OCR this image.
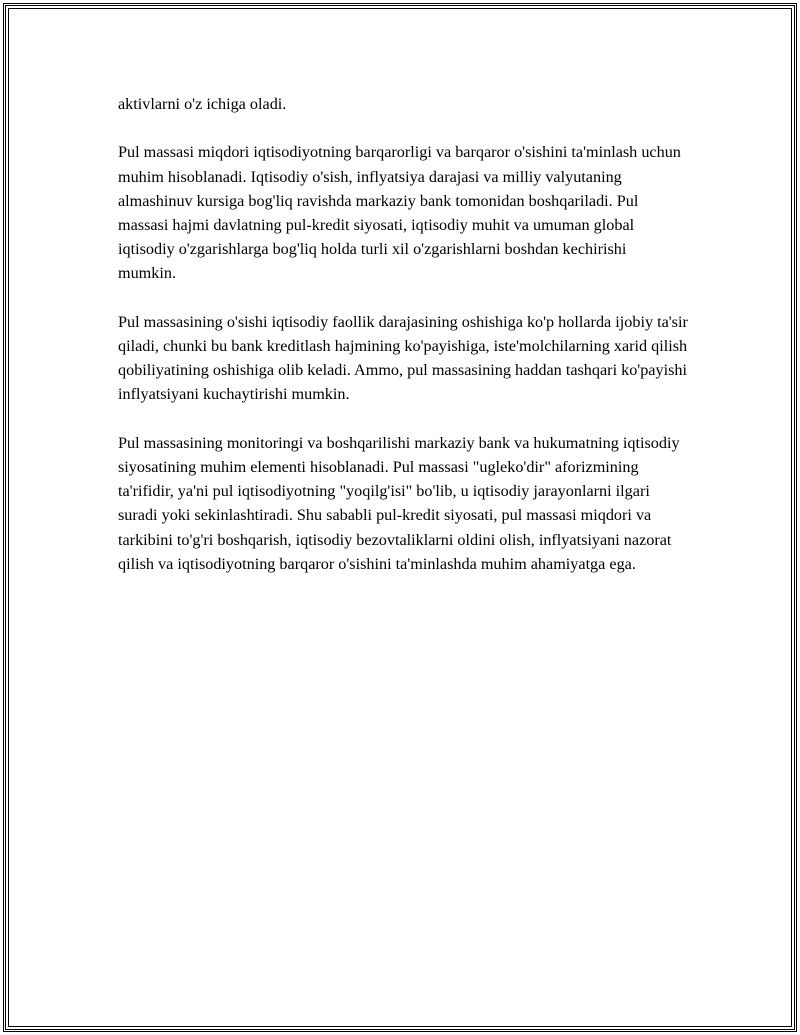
aktivlarni o'z ichiga oladi.

Pul massasi miqdori iqtisodiyotning barqarorligi va barqaror o'sishini ta'minlash uchun muhim hisoblanadi. Iqtisodiy o'sish, inflyatsiya darajasi va milliy valyutaning almashinuv kursiga bog'liq ravishda markaziy bank tomonidan boshqariladi. Pul massasi hajmi davlatning pul-kredit siyosati, iqtisodiy muhit va umuman global iqtisodiy o'zgarishlarga bog'liq holda turli xil o'zgarishlarni boshdan kechirishi mumkin.

Pul massasining o'sishi iqtisodiy faollik darajasining oshishiga ko'p hollarda ijobiy ta'sir qiladi, chunki bu bank kreditlash hajmining ko'payishiga, iste'molchilarning xarid qilish qobiliyatining oshishiga olib keladi. Ammo, pul massasining haddan tashqari ko'payishi inflyatsiyani kuchaytirishi mumkin.

Pul massasining monitoringi va boshqarilishi markaziy bank va hukumatning iqtisodiy siyosatining muhim elementi hisoblanadi. Pul massasi "ugleko'dir" aforizmining ta'rifidir, ya'ni pul iqtisodiyotning "yoqilg'isi" bo'lib, u iqtisodiy jarayonlarni ilgari suradi yoki sekinlashtiradi. Shu sababli pul-kredit siyosati, pul massasi miqdori va tarkibini to'g'ri boshqarish, iqtisodiy bezovtaliklarni oldini olish, inflyatsiyani nazorat qilish va iqtisodiyotning barqaror o'sishini ta'minlashda muhim ahamiyatga ega.
